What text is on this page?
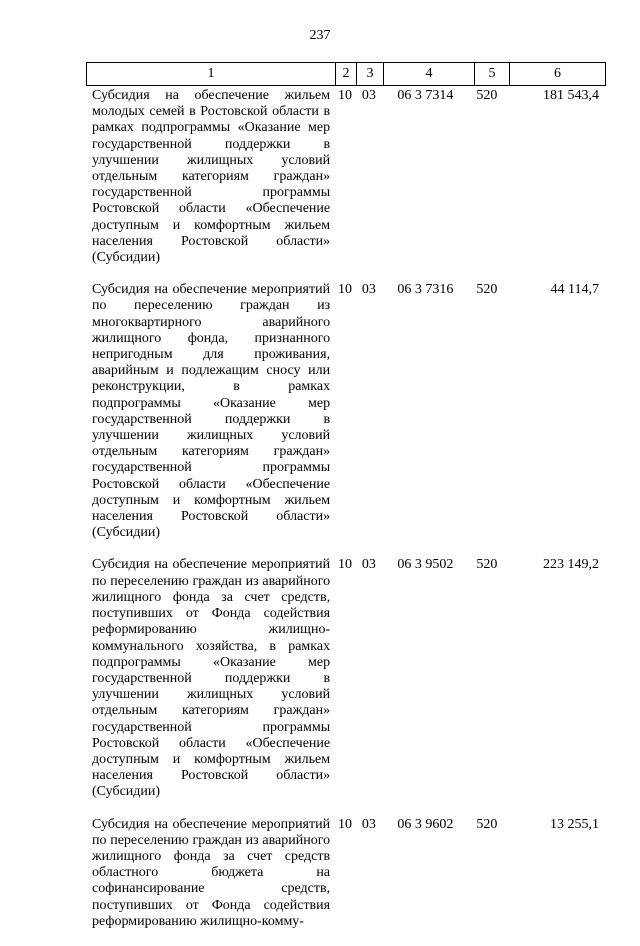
237
1	2	3	4	5	6
Субсидия на обеспечение жильем молодых семей в Ростовской области в рамках подпрограммы «Оказание мер государственной поддержки в улучшении жилищных условий отдельным категориям граждан» государственной программы Ростовской области «Обеспечение доступным и комфортным жильем населения Ростовской области» (Субсидии)
10 03	06 3 7314	520	181 543,4
Субсидия на обеспечение мероприятий по переселению граждан из многоквартирного аварийного жилищного фонда, признанного непригодным для проживания, аварийным и подлежащим сносу или реконструкции, в рамках подпрограммы «Оказание мер государственной поддержки в улучшении жилищных условий отдельным категориям граждан» государственной программы Ростовской области «Обеспечение доступным и комфортным жильем населения Ростовской области» (Субсидии)
10 03	06 3 7316	520	44 114,7
Субсидия на обеспечение мероприятий по переселению граждан из аварийного жилищного фонда за счет средств, поступивших от Фонда содействия реформированию жилищно-коммунального хозяйства, в рамках подпрограммы «Оказание мер государственной поддержки в улучшении жилищных условий отдельным категориям граждан» государственной программы Ростовской области «Обеспечение доступным и комфортным жильем населения Ростовской области» (Субсидии)
10 03	06 3 9502	520	223 149,2
Субсидия на обеспечение мероприятий по переселению граждан из аварийного жилищного фонда за счет средств областного бюджета на софинансирование средств, поступивших от Фонда содействия реформированию жилищно-комму-
10 03	06 3 9602	520	13 255,1
